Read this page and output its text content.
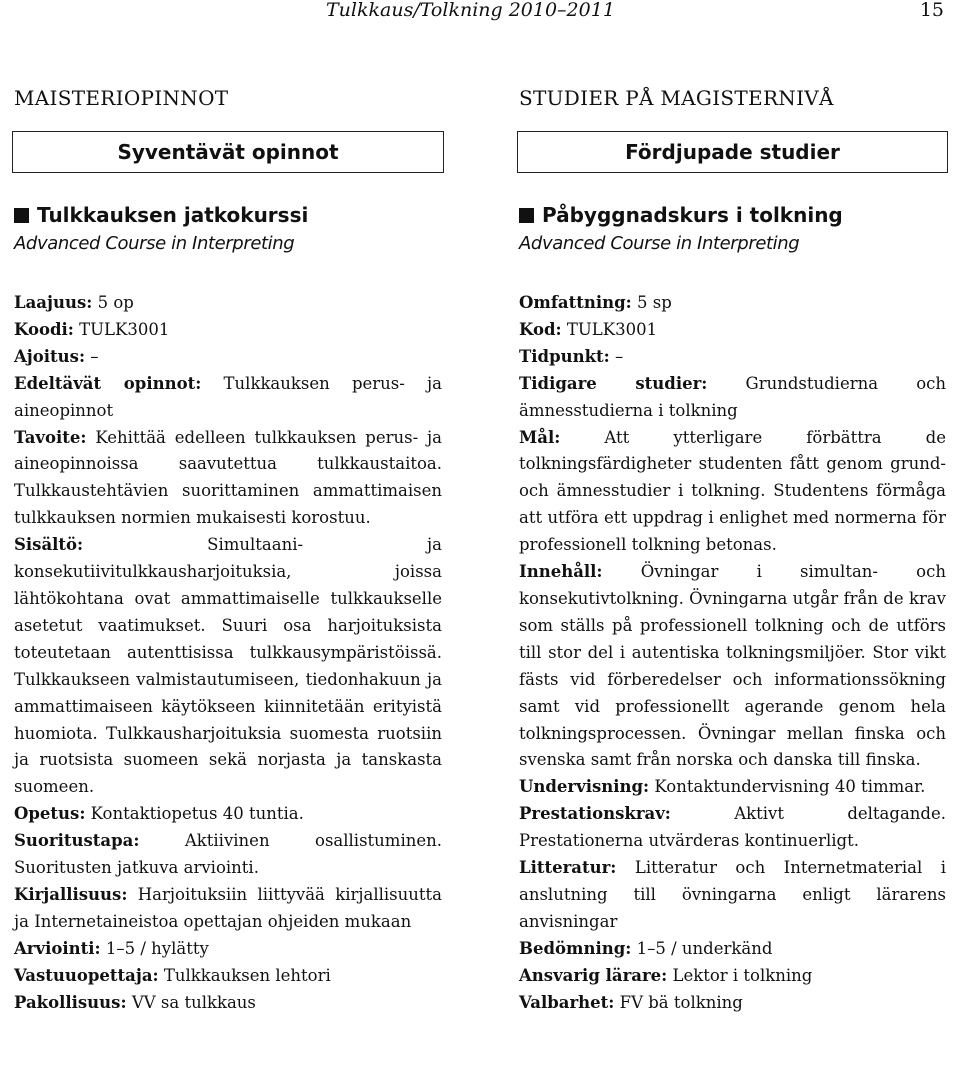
Tulkkaus/Tolkning 2010–2011	15
MAISTERIOPINNOT
Syventävät opinnot
Tulkkauksen jatkokurssi
Advanced Course in Interpreting

Laajuus: 5 op

Koodi: TULK3001

Ajoitus: –

Edeltävät opinnot: Tulkkauksen perus- ja aineopinnot

Tavoite: Kehittää edelleen tulkkauksen perus- ja aineopinnoissa saavutettua tulkkaustaitoa. Tulkkaustehtävien suorittaminen ammattimaisen tulkkauksen normien mukaisesti korostuu.

Sisältö:	Simultaani- ja konsekutiivitulkkausharjoituksia, joissa lähtökohtana ovat ammattimaiselle tulkkaukselle asetetut vaatimukset. Suuri osa harjoituksista toteutetaan autenttisissa tulkkausympäristöissä. Tulkkaukseen valmistautumiseen, tiedonhakuun ja ammattimaiseen käytökseen kiinnitetään erityistä huomiota. Tulkkausharjoituksia suomesta ruotsiin ja ruotsista suomeen sekä norjasta ja tanskasta suomeen.

Opetus: Kontaktiopetus 40 tuntia.

Suoritustapa:	Aktiivinen osallistuminen. Suoritusten jatkuva arviointi.

Kirjallisuus: Harjoituksiin liittyvää kirjallisuutta ja Internetaineistoa opettajan ohjeiden mukaan

Arviointi: 1–5 / hylätty

Vastuuopettaja: Tulkkauksen lehtori

Pakollisuus: VV sa tulkkaus

STUDIER PÅ MAGISTERNIVÅ
Fördjupade studier
Påbyggnadskurs i tolkning
Advanced Course in Interpreting

Omfattning: 5 sp

Kod: TULK3001

Tidpunkt: –

Tidigare studier: Grundstudierna och ämnesstudierna i tolkning

Mål:	Att ytterligare förbättra de tolkningsfärdigheter studenten fått genom grund- och ämnesstudier i tolkning. Studentens förmåga att utföra ett uppdrag i enlighet med normerna för professionell tolkning betonas.

Innehåll: Övningar i simultan- och konsekutivtolkning. Övningarna utgår från de krav som ställs på professionell tolkning och de utförs till stor del i autentiska tolkningsmiljöer. Stor vikt fästs vid förberedelser och informationssökning samt vid professionellt agerande genom hela tolkningsprocessen. Övningar mellan finska och svenska samt från norska och danska till finska.

Undervisning: Kontaktundervisning 40 timmar.

Prestationskrav:	Aktivt deltagande. Prestationerna utvärderas kontinuerligt.

Litteratur: Litteratur och Internetmaterial i anslutning till övningarna enligt lärarens anvisningar

Bedömning: 1–5 / underkänd

Ansvarig lärare: Lektor i tolkning

Valbarhet: FV bä tolkning
